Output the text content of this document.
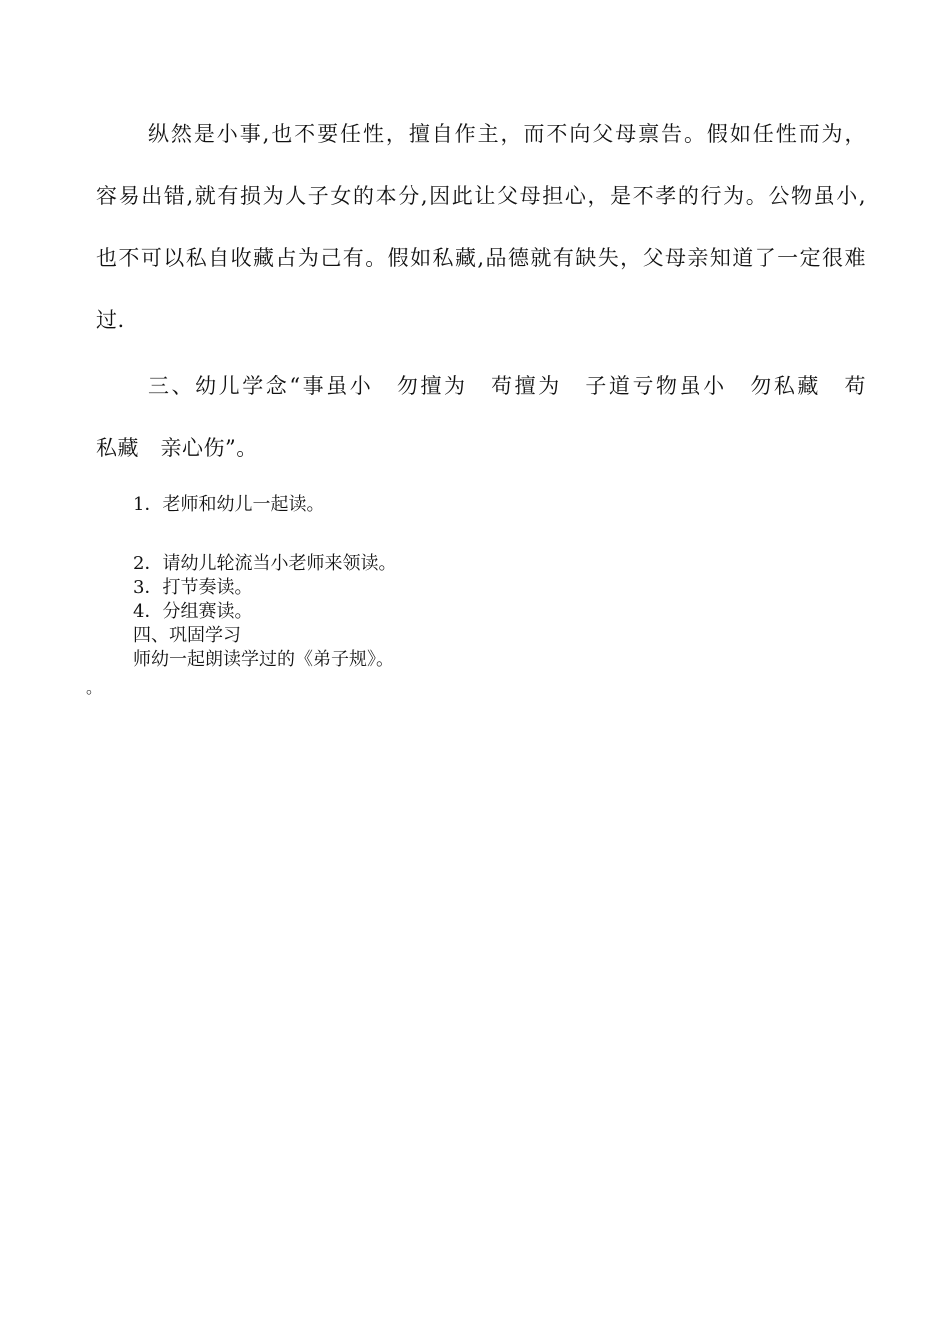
纵然是小事,也不要任性，擅自作主，而不向父母禀告。假如任性而为，
容易出错,就有损为人子女的本分,因此让父母担心，是不孝的行为。公物虽小,
也不可以私自收藏占为己有。假如私藏,品德就有缺失，父母亲知道了一定很难
过.
三、幼儿学念“事虽小　勿擅为　苟擅为　子道亏物虽小　勿私藏　苟
私藏　亲心伤”。
1．老师和幼儿一起读。
2．请幼儿轮流当小老师来领读。
3．打节奏读。
4．分组赛读。
四、巩固学习
师幼一起朗读学过的《弟子规》。
。
